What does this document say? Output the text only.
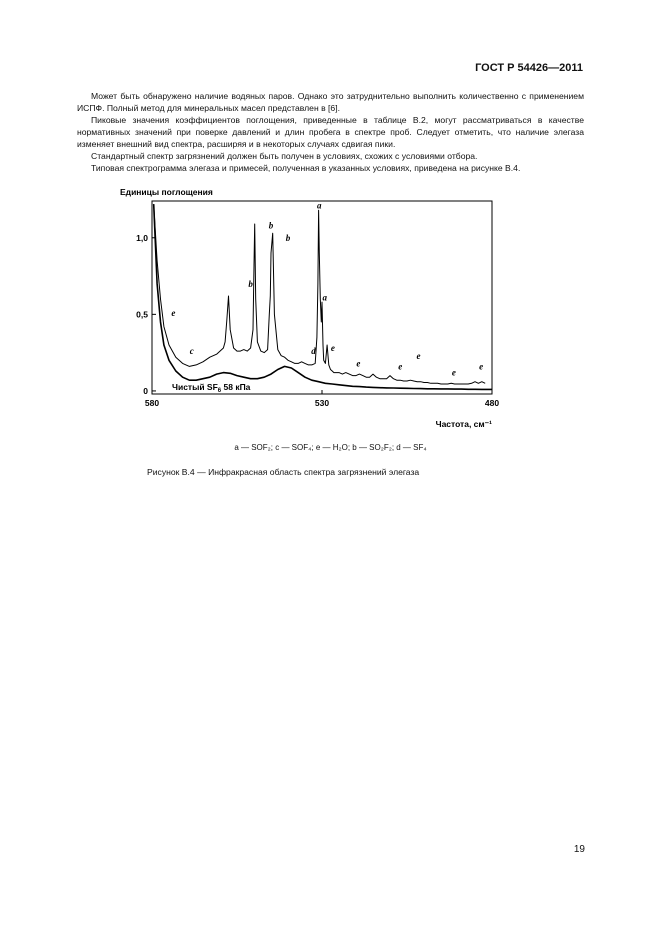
ГОСТ Р 54426—2011

Может быть обнаружено наличие водяных паров. Однако это затруднительно выполнить количественно с применением ИСПФ. Полный метод для минеральных масел представлен в [6].

Пиковые значения коэффициентов поглощения, приведенные в таблице В.2, могут рассматриваться в качестве нормативных значений при поверке давлений и длин пробега в спектре проб. Следует отметить, что наличие элегаза изменяет внешний вид спектра, расширяя и в некоторых случаях сдвигая пики.

Стандартный спектр загрязнений должен быть получен в условиях, схожих с условиями отбора.

Типовая спектрограмма элегаза и примесей, полученная в указанных условиях, приведена на рисунке В.4.

Единицы поглощения
1,0
0,5
0
580	530	480
a
b
b
b
a
e
c	d e
e	e
e
e
e
Чистый $SF_6$ 58 кПа
Частота, см⁻¹
a — SOF₂; c — SOF₄; e — H₂O; b — SO₂F₂; d — SF₄
Рисунок В.4 — Инфракрасная область спектра загрязнений элегаза
19
